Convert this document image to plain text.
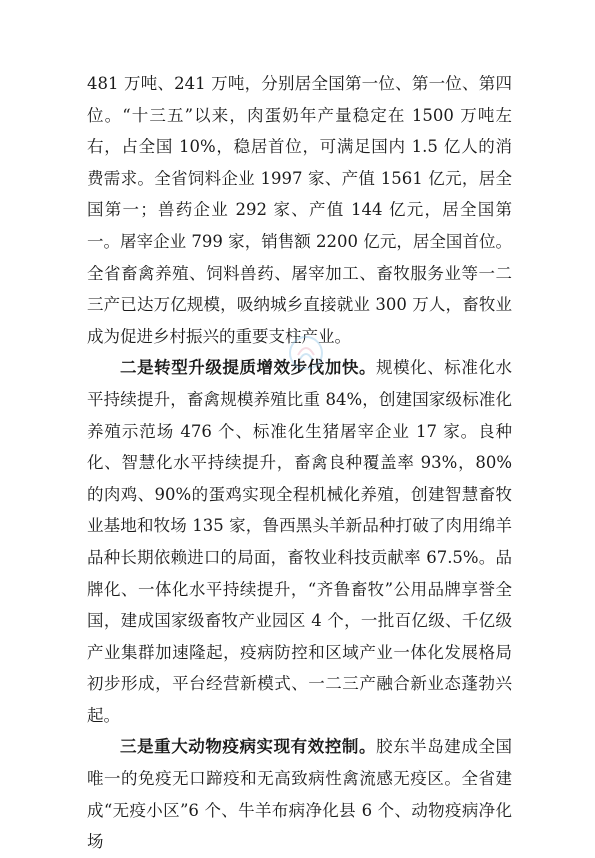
481 万吨、241 万吨，分别居全国第一位、第一位、第四位。“十三五”以来，肉蛋奶年产量稳定在 1500 万吨左右，占全国 10%，稳居首位，可满足国内 1.5 亿人的消费需求。全省饲料企业 1997 家、产值 1561 亿元，居全国第一；兽药企业 292 家、产值 144 亿元，居全国第一。屠宰企业 799 家，销售额 2200 亿元，居全国首位。全省畜禽养殖、饲料兽药、屠宰加工、畜牧服务业等一二三产已达万亿规模，吸纳城乡直接就业 300 万人，畜牧业成为促进乡村振兴的重要支柱产业。

二是转型升级提质增效步伐加快。规模化、标准化水平持续提升，畜禽规模养殖比重 84%，创建国家级标准化养殖示范场 476 个、标准化生猪屠宰企业 17 家。良种化、智慧化水平持续提升，畜禽良种覆盖率 93%，80%的肉鸡、90%的蛋鸡实现全程机械化养殖，创建智慧畜牧业基地和牧场 135 家，鲁西黑头羊新品种打破了肉用绵羊品种长期依赖进口的局面，畜牧业科技贡献率 67.5%。品牌化、一体化水平持续提升，“齐鲁畜牧”公用品牌享誉全国，建成国家级畜牧产业园区 4 个，一批百亿级、千亿级产业集群加速隆起，疫病防控和区域产业一体化发展格局初步形成，平台经营新模式、一二三产融合新业态蓬勃兴起。

三是重大动物疫病实现有效控制。胶东半岛建成全国唯一的免疫无口蹄疫和无高致病性禽流感无疫区。全省建成“无疫小区”6 个、牛羊布病净化县 6 个、动物疫病净化场
